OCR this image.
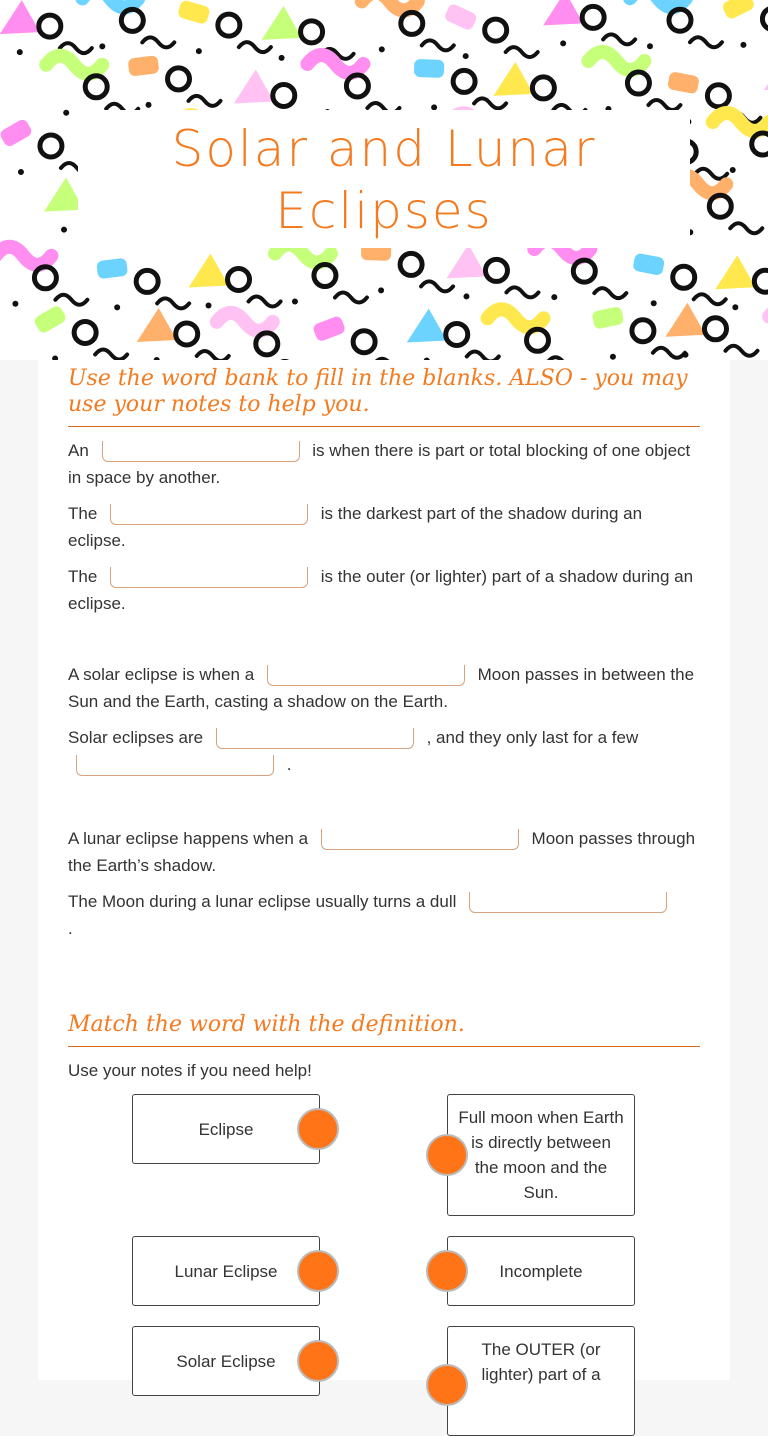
Solar and Lunar
Eclipses
Use the word bank to fill in the blanks. ALSO - you may use your notes to help you.
An	is when there is part or total blocking of one object in space by another.
The	is the darkest part of the shadow during an eclipse.
The	is the outer (or lighter) part of a shadow during an eclipse.
A solar eclipse is when a	Moon passes in between the Sun and the Earth, casting a shadow on the Earth.
Solar eclipses are	, and they only last for a few
.
A lunar eclipse happens when a	Moon passes through the Earth’s shadow.
The Moon during a lunar eclipse usually turns a dull
.
Match the word with the definition.
Use your notes if you need help!
Eclipse
Lunar Eclipse
Solar Eclipse
Full moon when Earth is directly between the moon and the Sun.
Incomplete
The OUTER (or lighter) part of a
